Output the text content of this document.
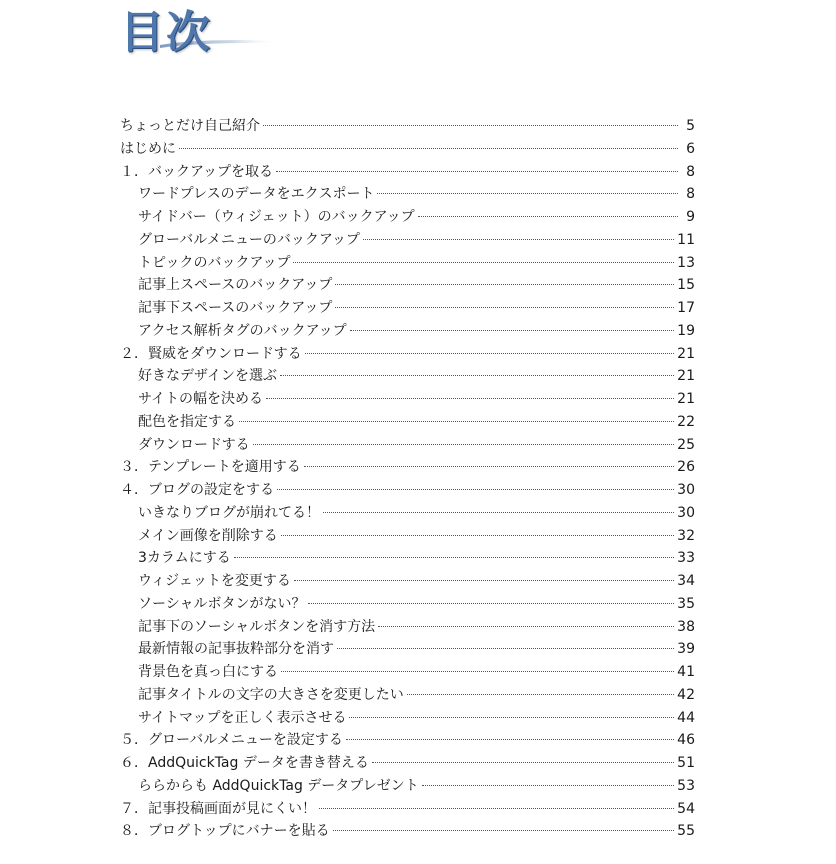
目次
ちょっとだけ自己紹介	5
はじめに	6
１．バックアップを取る	8
ワードプレスのデータをエクスポート	8
サイドバー（ウィジェット）のバックアップ	9
グローバルメニューのバックアップ	11
トピックのバックアップ	13
記事上スペースのバックアップ	15
記事下スペースのバックアップ	17
アクセス解析タグのバックアップ	19
２．賢威をダウンロードする	21
好きなデザインを選ぶ	21
サイトの幅を決める	21
配色を指定する	22
ダウンロードする	25
３．テンプレートを適用する	26
４．ブログの設定をする	30
いきなりブログが崩れてる！	30
メイン画像を削除する	32
3カラムにする	33
ウィジェットを変更する	34
ソーシャルボタンがない？	35
記事下のソーシャルボタンを消す方法	38
最新情報の記事抜粋部分を消す	39
背景色を真っ白にする	41
記事タイトルの文字の大きさを変更したい	42
サイトマップを正しく表示させる	44
５．グローバルメニューを設定する	46
６．AddQuickTag データを書き替える	51
ららからも AddQuickTag データプレゼント	53
７．記事投稿画面が見にくい！	54
８．ブログトップにバナーを貼る	55
